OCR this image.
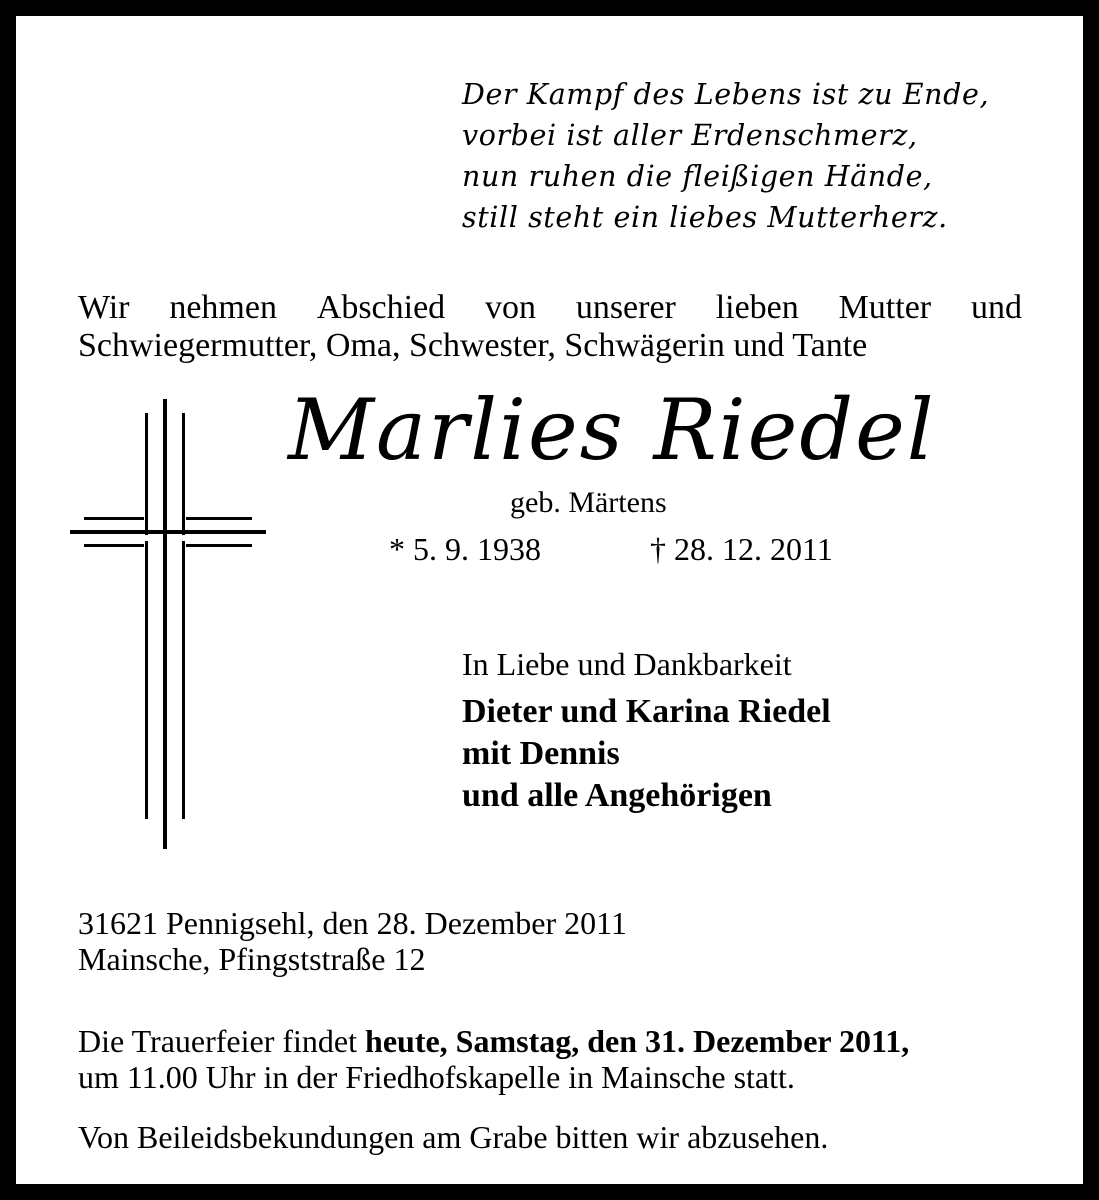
Der Kampf des Lebens ist zu Ende,
vorbei ist aller Erdenschmerz,
nun ruhen die fleißigen Hände,
still steht ein liebes Mutterherz.
Wir nehmen Abschied von unserer lieben Mutter und
Schwiegermutter, Oma, Schwester, Schwägerin und Tante
Marlies Riedel
geb. Märtens
* 5. 9. 1938	† 28. 12. 2011
In Liebe und Dankbarkeit
Dieter und Karina Riedel
mit Dennis
und alle Angehörigen
31621 Pennigsehl, den 28. Dezember 2011
Mainsche, Pfingststraße 12
Die Trauerfeier findet heute, Samstag, den 31. Dezember 2011,
um 11.00 Uhr in der Friedhofskapelle in Mainsche statt.
Von Beileidsbekundungen am Grabe bitten wir abzusehen.
